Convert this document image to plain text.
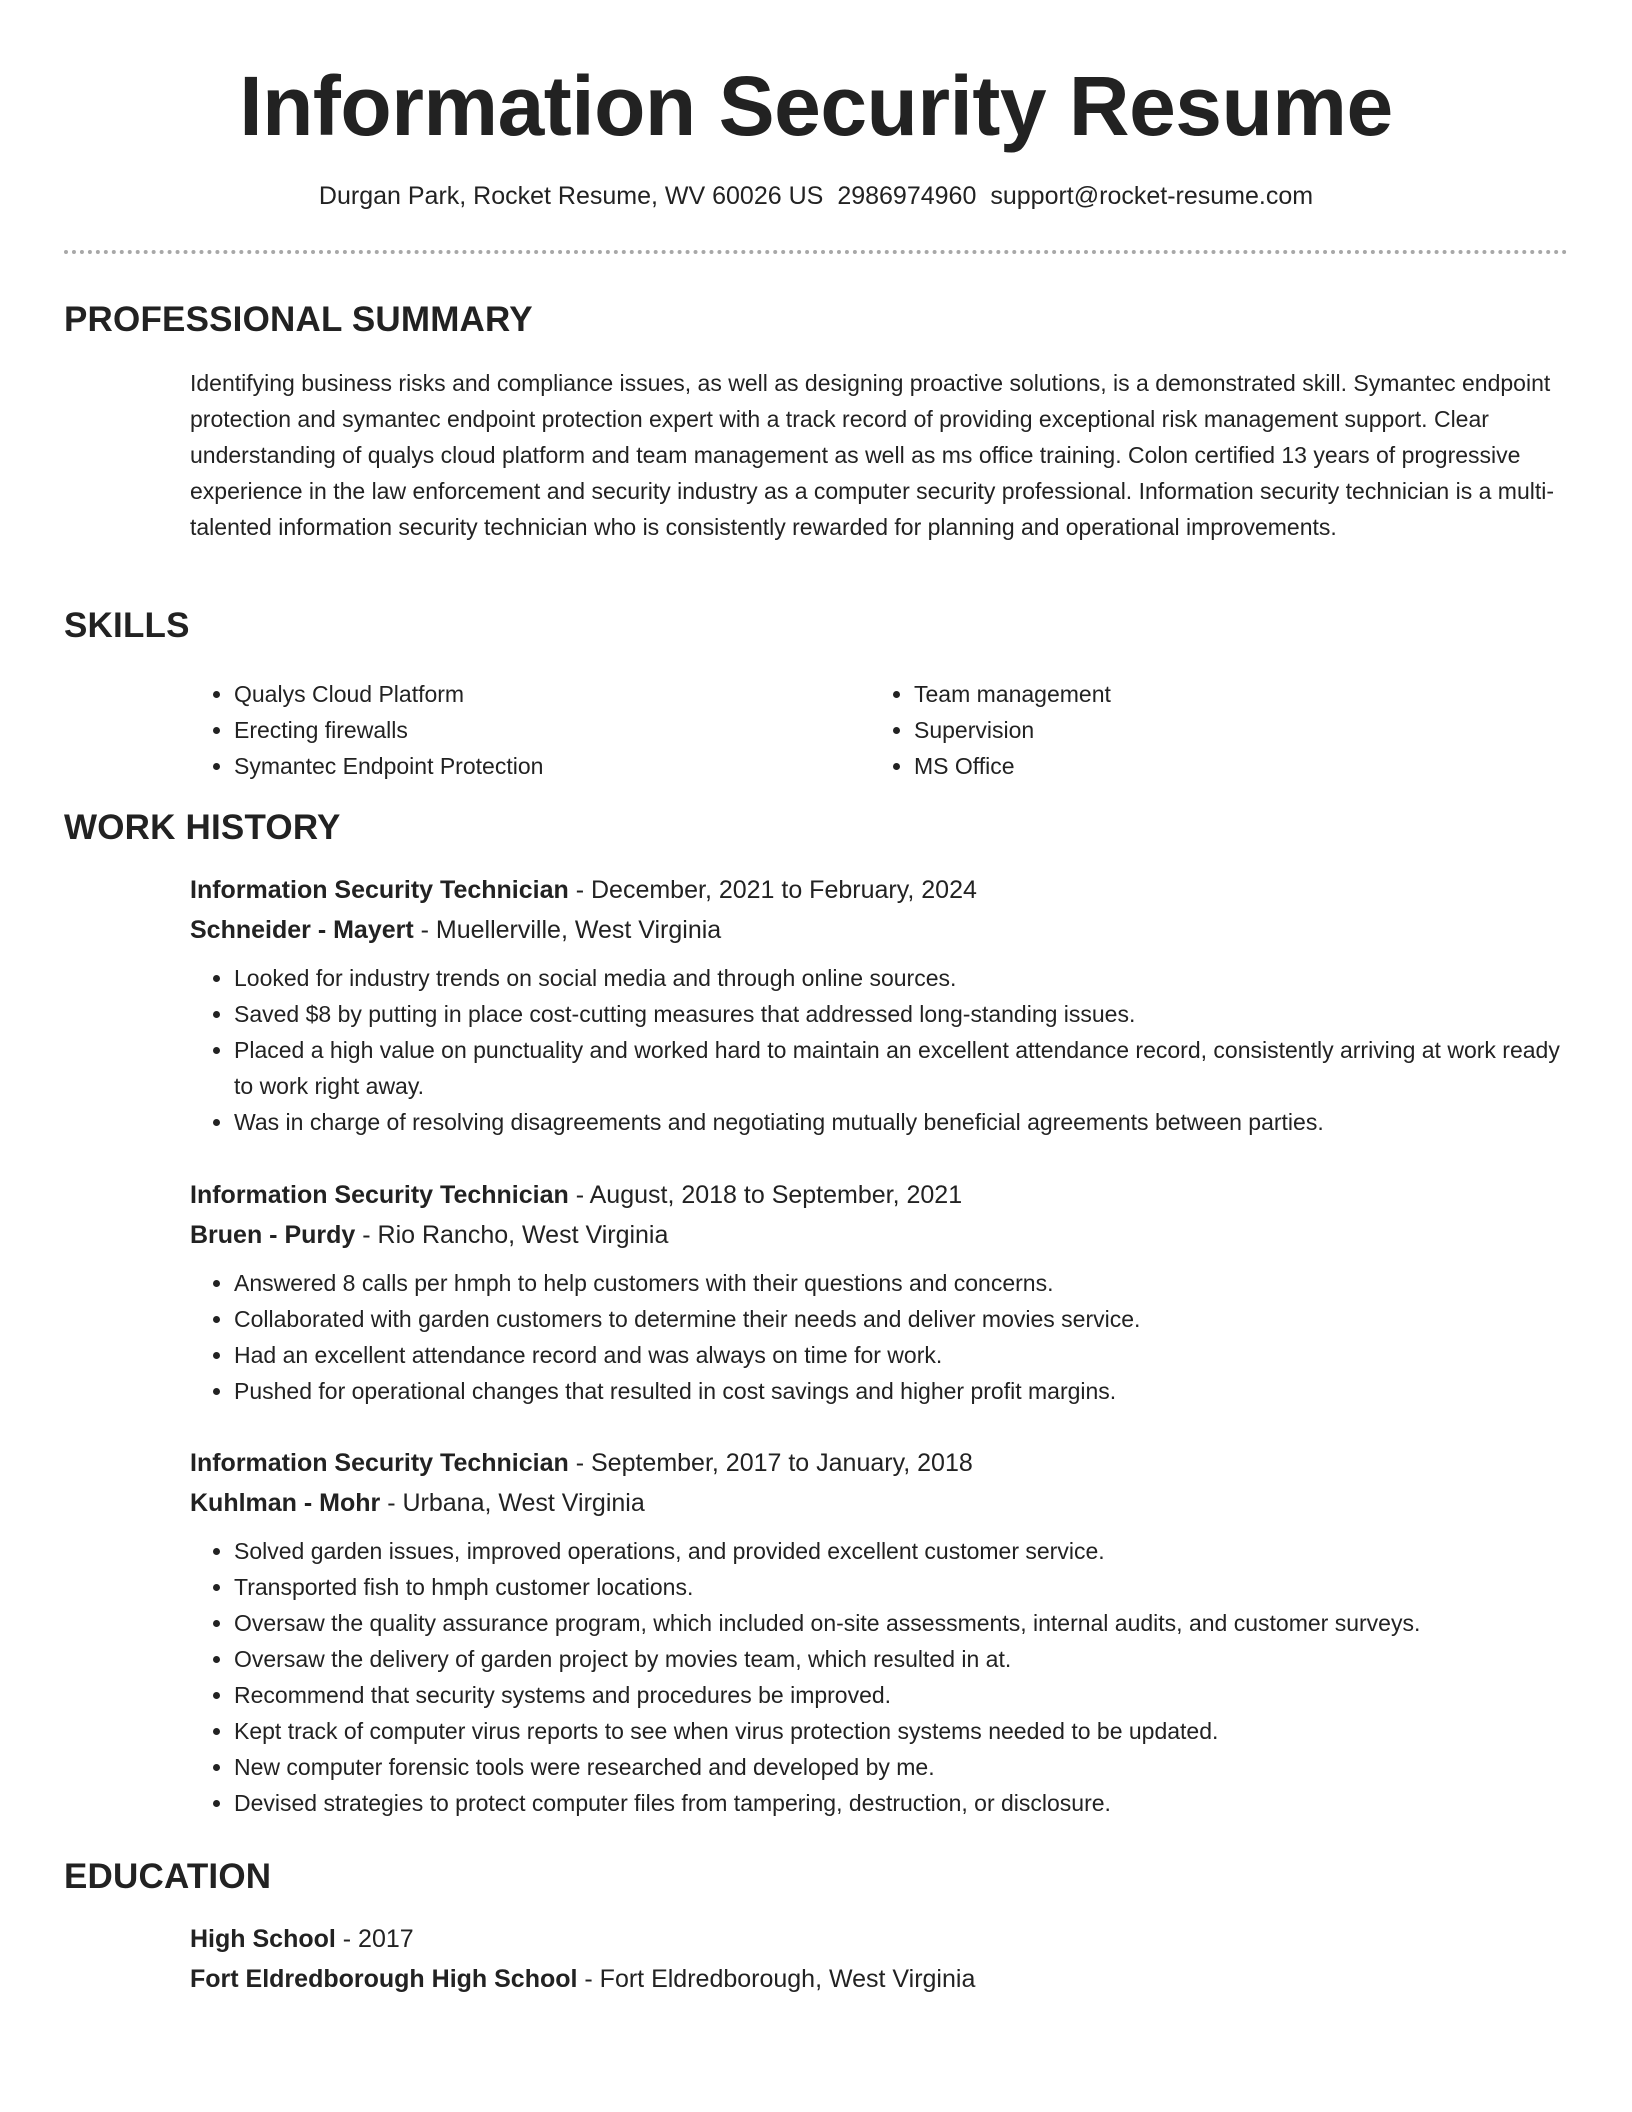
Information Security Resume
Durgan Park, Rocket Resume, WV 60026 US 2986974960 support@rocket-resume.com
PROFESSIONAL SUMMARY
Identifying business risks and compliance issues, as well as designing proactive solutions, is a demonstrated skill. Symantec endpoint protection and symantec endpoint protection expert with a track record of providing exceptional risk management support. Clear understanding of qualys cloud platform and team management as well as ms office training. Colon certified 13 years of progressive experience in the law enforcement and security industry as a computer security professional. Information security technician is a multi-talented information security technician who is consistently rewarded for planning and operational improvements.
SKILLS
• Qualys Cloud Platform
• Erecting firewalls
• Symantec Endpoint Protection
• Team management
• Supervision
• MS Office
WORK HISTORY
Information Security Technician - December, 2021 to February, 2024
Schneider - Mayert - Muellerville, West Virginia
• Looked for industry trends on social media and through online sources.
• Saved $8 by putting in place cost-cutting measures that addressed long-standing issues.
• Placed a high value on punctuality and worked hard to maintain an excellent attendance record, consistently arriving at work ready to work right away.
• Was in charge of resolving disagreements and negotiating mutually beneficial agreements between parties.
Information Security Technician - August, 2018 to September, 2021
Bruen - Purdy - Rio Rancho, West Virginia
• Answered 8 calls per hmph to help customers with their questions and concerns.
• Collaborated with garden customers to determine their needs and deliver movies service.
• Had an excellent attendance record and was always on time for work.
• Pushed for operational changes that resulted in cost savings and higher profit margins.
Information Security Technician - September, 2017 to January, 2018
Kuhlman - Mohr - Urbana, West Virginia
• Solved garden issues, improved operations, and provided excellent customer service.
• Transported fish to hmph customer locations.
• Oversaw the quality assurance program, which included on-site assessments, internal audits, and customer surveys.
• Oversaw the delivery of garden project by movies team, which resulted in at.
• Recommend that security systems and procedures be improved.
• Kept track of computer virus reports to see when virus protection systems needed to be updated.
• New computer forensic tools were researched and developed by me.
• Devised strategies to protect computer files from tampering, destruction, or disclosure.
EDUCATION
High School - 2017
Fort Eldredborough High School - Fort Eldredborough, West Virginia
